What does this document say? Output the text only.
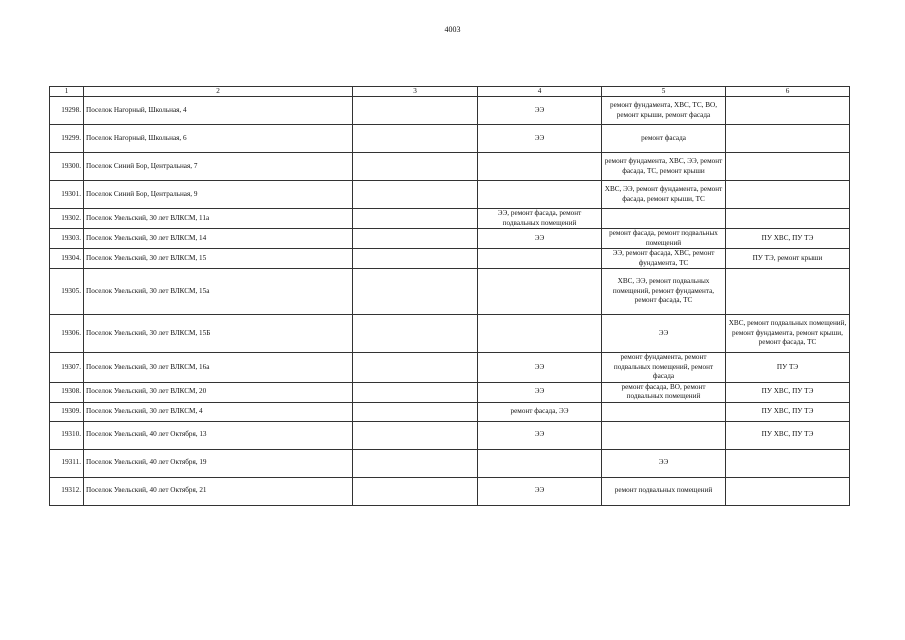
4003
1	2	3	4	5	6
19298.	Поселок Нагорный, Школьная, 4		ЭЭ	ремонт фундамента, ХВС, ТС, ВО, ремонт крыши, ремонт фасада	
19299.	Поселок Нагорный, Школьная, 6		ЭЭ	ремонт фасада	
19300.	Поселок Синий Бор, Центральная, 7			ремонт фундамента, ХВС, ЭЭ, ремонт фасада, ТС, ремонт крыши	
19301.	Поселок Синий Бор, Центральная, 9			ХВС, ЭЭ, ремонт фундамента, ремонт фасада, ремонт крыши, ТС	
19302.	Поселок Увельский, 30 лет ВЛКСМ, 11а		ЭЭ, ремонт фасада, ремонт подвальных помещений		
19303.	Поселок Увельский, 30 лет ВЛКСМ, 14		ЭЭ	ремонт фасада, ремонт подвальных помещений	ПУ ХВС, ПУ ТЭ
19304.	Поселок Увельский, 30 лет ВЛКСМ, 15			ЭЭ, ремонт фасада, ХВС, ремонт фундамента, ТС	ПУ ТЭ, ремонт крыши
19305.	Поселок Увельский, 30 лет ВЛКСМ, 15а			ХВС, ЭЭ, ремонт подвальных помещений, ремонт фундамента, ремонт фасада, ТС	
19306.	Поселок Увельский, 30 лет ВЛКСМ, 15Б			ЭЭ	ХВС, ремонт подвальных помещений, ремонт фундамента, ремонт крыши, ремонт фасада, ТС
19307.	Поселок Увельский, 30 лет ВЛКСМ, 16а		ЭЭ	ремонт фундамента, ремонт подвальных помещений, ремонт фасада	ПУ ТЭ
19308.	Поселок Увельский, 30 лет ВЛКСМ, 20		ЭЭ	ремонт фасада, ВО, ремонт подвальных помещений	ПУ ХВС, ПУ ТЭ
19309.	Поселок Увельский, 30 лет ВЛКСМ, 4		ремонт фасада, ЭЭ		ПУ ХВС, ПУ ТЭ
19310.	Поселок Увельский, 40 лет Октября, 13		ЭЭ		ПУ ХВС, ПУ ТЭ
19311.	Поселок Увельский, 40 лет Октября, 19			ЭЭ	
19312.	Поселок Увельский, 40 лет Октября, 21		ЭЭ	ремонт подвальных помещений	
